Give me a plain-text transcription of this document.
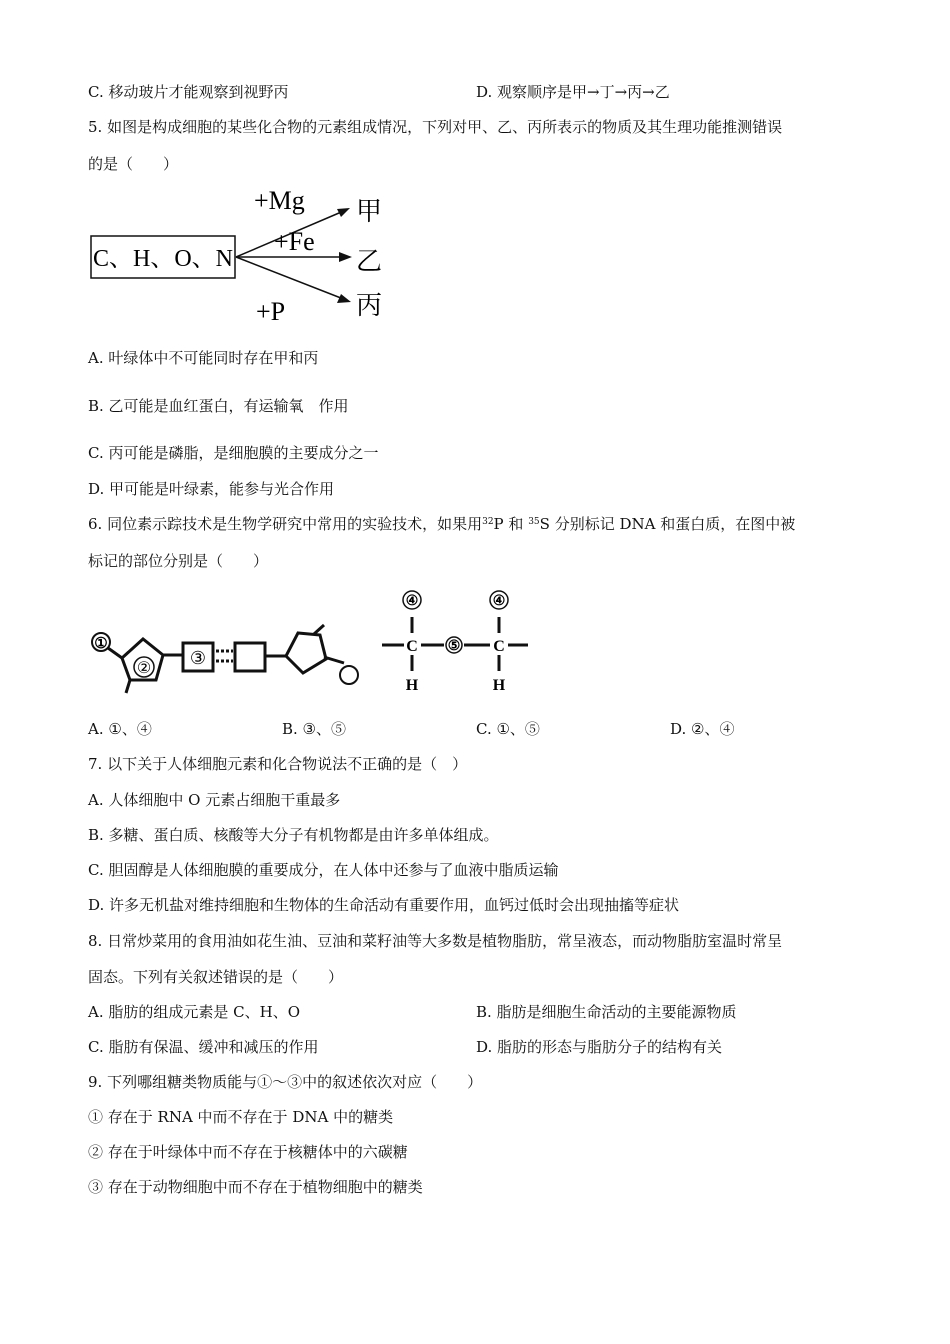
C. 移动玻片才能观察到视野丙	D. 观察顺序是甲→丁→丙→乙
5. 如图是构成细胞的某些化合物的元素组成情况，下列对甲、乙、丙所表示的物质及其生理功能推测错误
的是（　　）
C、H、O、N
+Mg
+Fe
+P
甲
乙
丙
A. 叶绿体中不可能同时存在甲和丙
B. 乙可能是血红蛋白，有运输氧　作用
C. 丙可能是磷脂，是细胞膜的主要成分之一
D. 甲可能是叶绿素，能参与光合作用
6. 同位素示踪技术是生物学研究中常用的实验技术，如果用$^{32}$P 和 $^{35}$S 分别标记 DNA 和蛋白质，在图中被
标记的部位分别是（　　）
①
②
③
C
④
H
⑤ C
④
H
A. ①、④	B. ③、⑤	C. ①、⑤	D. ②、④
7. 以下关于人体细胞元素和化合物说法不正确的是（　）
A. 人体细胞中 O 元素占细胞干重最多
B. 多糖、蛋白质、核酸等大分子有机物都是由许多单体组成。
C. 胆固醇是人体细胞膜的重要成分，在人体中还参与了血液中脂质运输
D. 许多无机盐对维持细胞和生物体的生命活动有重要作用，血钙过低时会出现抽搐等症状
8. 日常炒菜用的食用油如花生油、豆油和菜籽油等大多数是植物脂肪，常呈液态，而动物脂肪室温时常呈
固态。下列有关叙述错误的是（　　）
A. 脂肪的组成元素是 C、H、O	B. 脂肪是细胞生命活动的主要能源物质
C. 脂肪有保温、缓冲和减压的作用	D. 脂肪的形态与脂肪分子的结构有关
9. 下列哪组糖类物质能与①～③中的叙述依次对应（　　）
① 存在于 RNA 中而不存在于 DNA 中的糖类
② 存在于叶绿体中而不存在于核糖体中的六碳糖
③ 存在于动物细胞中而不存在于植物细胞中的糖类
